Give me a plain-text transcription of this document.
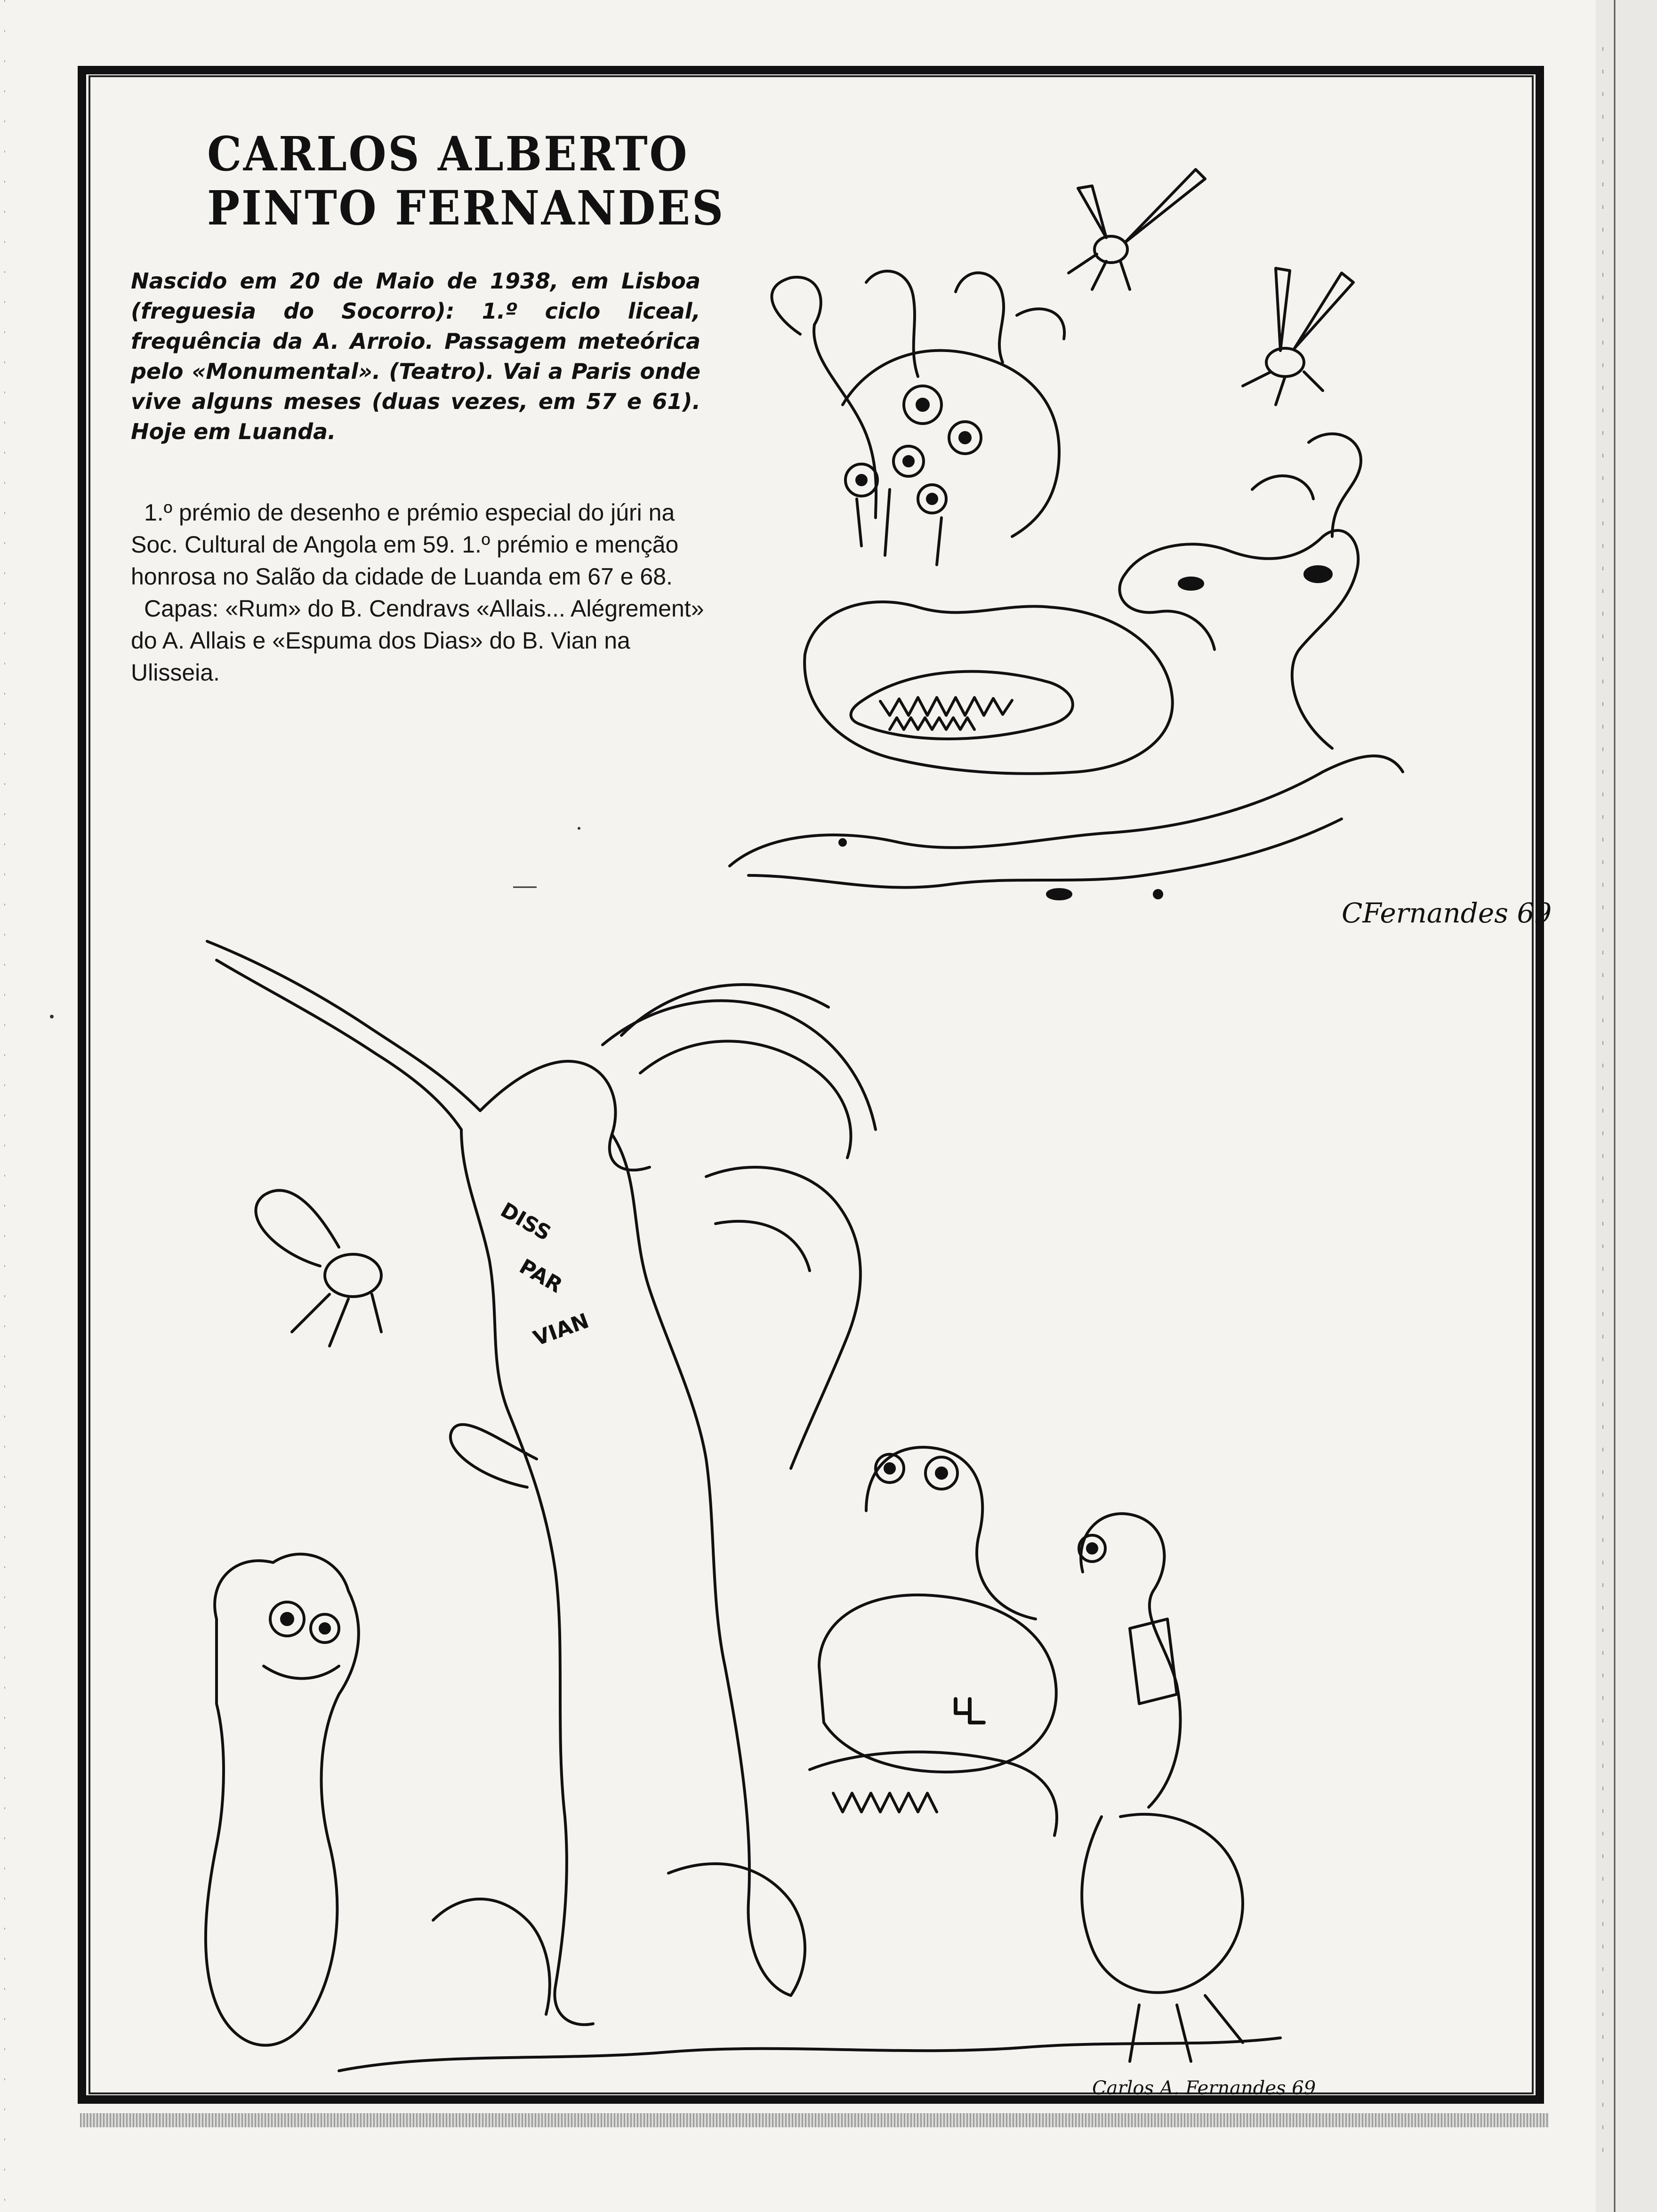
CARLOS ALBERTO
PINTO FERNANDES

Nascido em 20 de Maio de 1938, em Lisboa (freguesia do Socorro): 1.º ciclo liceal, frequência da A. Arroio. Passagem meteórica pelo «Monumental». (Teatro). Vai a Paris onde vive alguns meses (duas vezes, em 57 e 61). Hoje em Luanda.

1.º prémio de desenho e prémio especial do júri na Soc. Cultural de Angola em 59. 1.º prémio e menção honrosa no Salão da cidade de Luanda em 67 e 68.

Capas: «Rum» do B. Cendravs «Allais... Alégrement» do A. Allais e «Espuma dos Dias» do B. Vian na Ulisseia.

CFernandes 69
DISS
PAR
VIAN
Carlos A. Fernandes 69
